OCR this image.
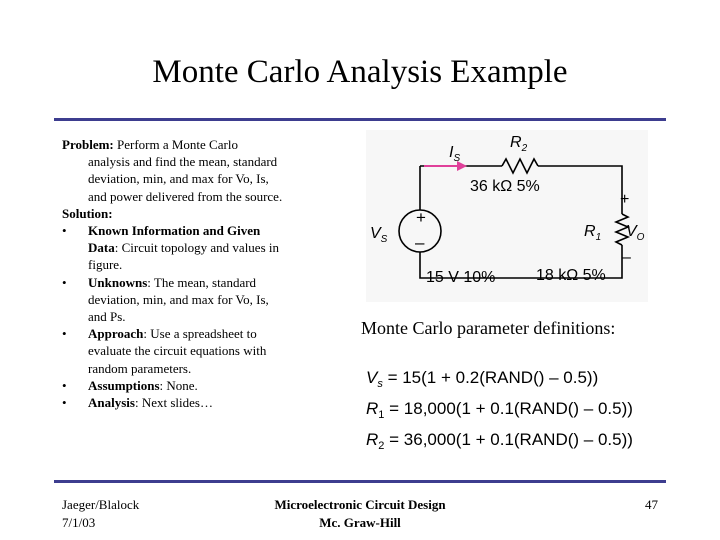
Monte Carlo Analysis Example

Problem: Perform a Monte Carlo

analysis and find the mean, standard

deviation, min, and max for Vo, Is,

and power delivered from the source.

Solution:

• Known Information and Given
Data: Circuit topology and values in
figure.
• Unknowns: The mean, standard
deviation, min, and max for Vo, Is,
and Ps.
• Approach: Use a spreadsheet to
evaluate the circuit equations with
random parameters.
• Assumptions: None.
• Analysis: Next slides…
+
–
$I_S$
$R_2$
36 kΩ 5%
$V_S$
15 V 10%
$R_1$
18 kΩ 5%
$V_O$
+
–
Monte Carlo parameter definitions:
$V_s = 15(1$ + 0.2(RAND() – 0.5))
$R_1 = 18,000(1$ + 0.1(RAND() – 0.5))
$R_2 = 36,000(1$ + 0.1(RAND() – 0.5))
Jaeger/Blalock
7/1/03
Microelectronic Circuit Design
Mc. Graw-Hill
47
